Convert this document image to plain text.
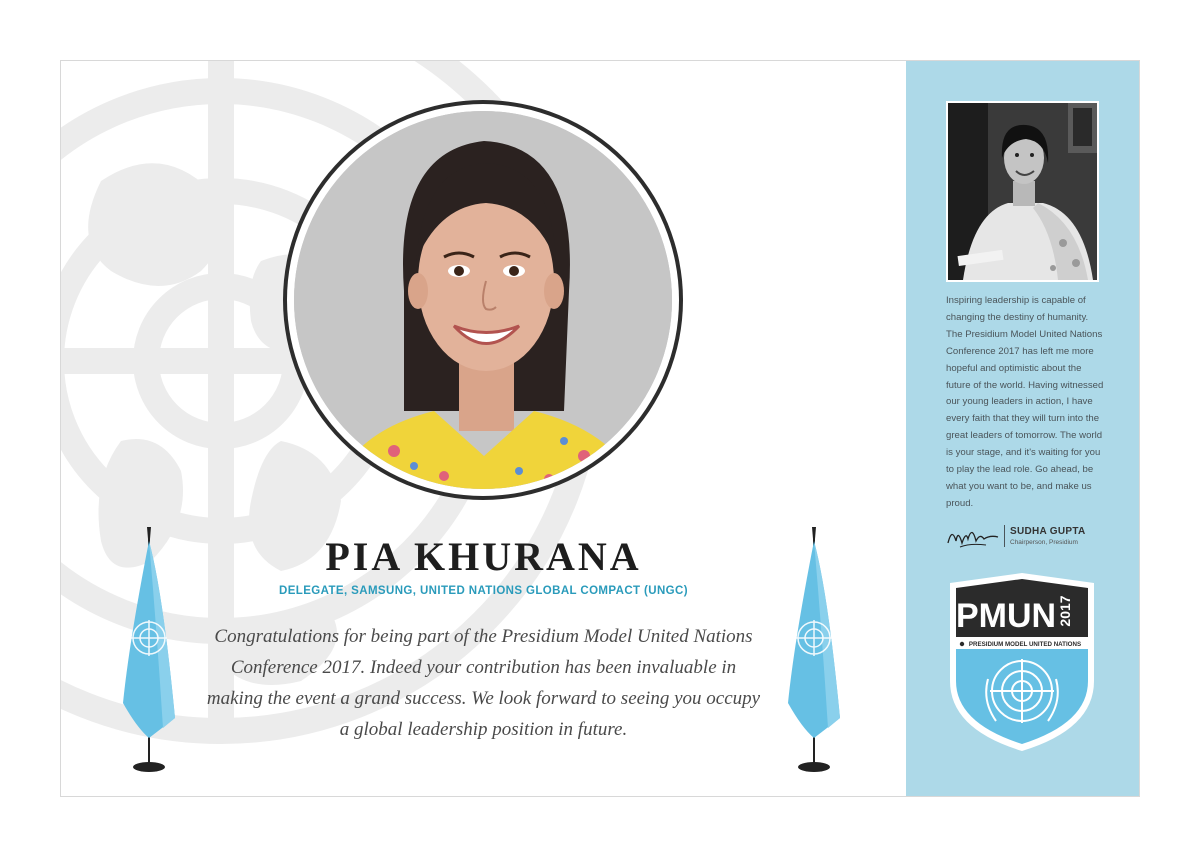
PIA KHURANA
DELEGATE, SAMSUNG, UNITED NATIONS GLOBAL COMPACT (UNGC)
Congratulations for being part of the Presidium Model United Nations Conference 2017. Indeed your contribution has been invaluable in making the event a grand success. We look forward to seeing you occupy a global leadership position in future.
Inspiring leadership is capable of changing the destiny of humanity. The Presidium Model United Nations Conference 2017 has left me more hopeful and optimistic about the future of the world. Having witnessed our young leaders in action, I have every faith that they will turn into the great leaders of tomorrow. The world is your stage, and it's waiting for you to play the lead role. Go ahead, be what you want to be, and make us proud.
SUDHA GUPTA
Chairperson, Presidium
PMUN 2017
PRESIDIUM MODEL UNITED NATIONS
